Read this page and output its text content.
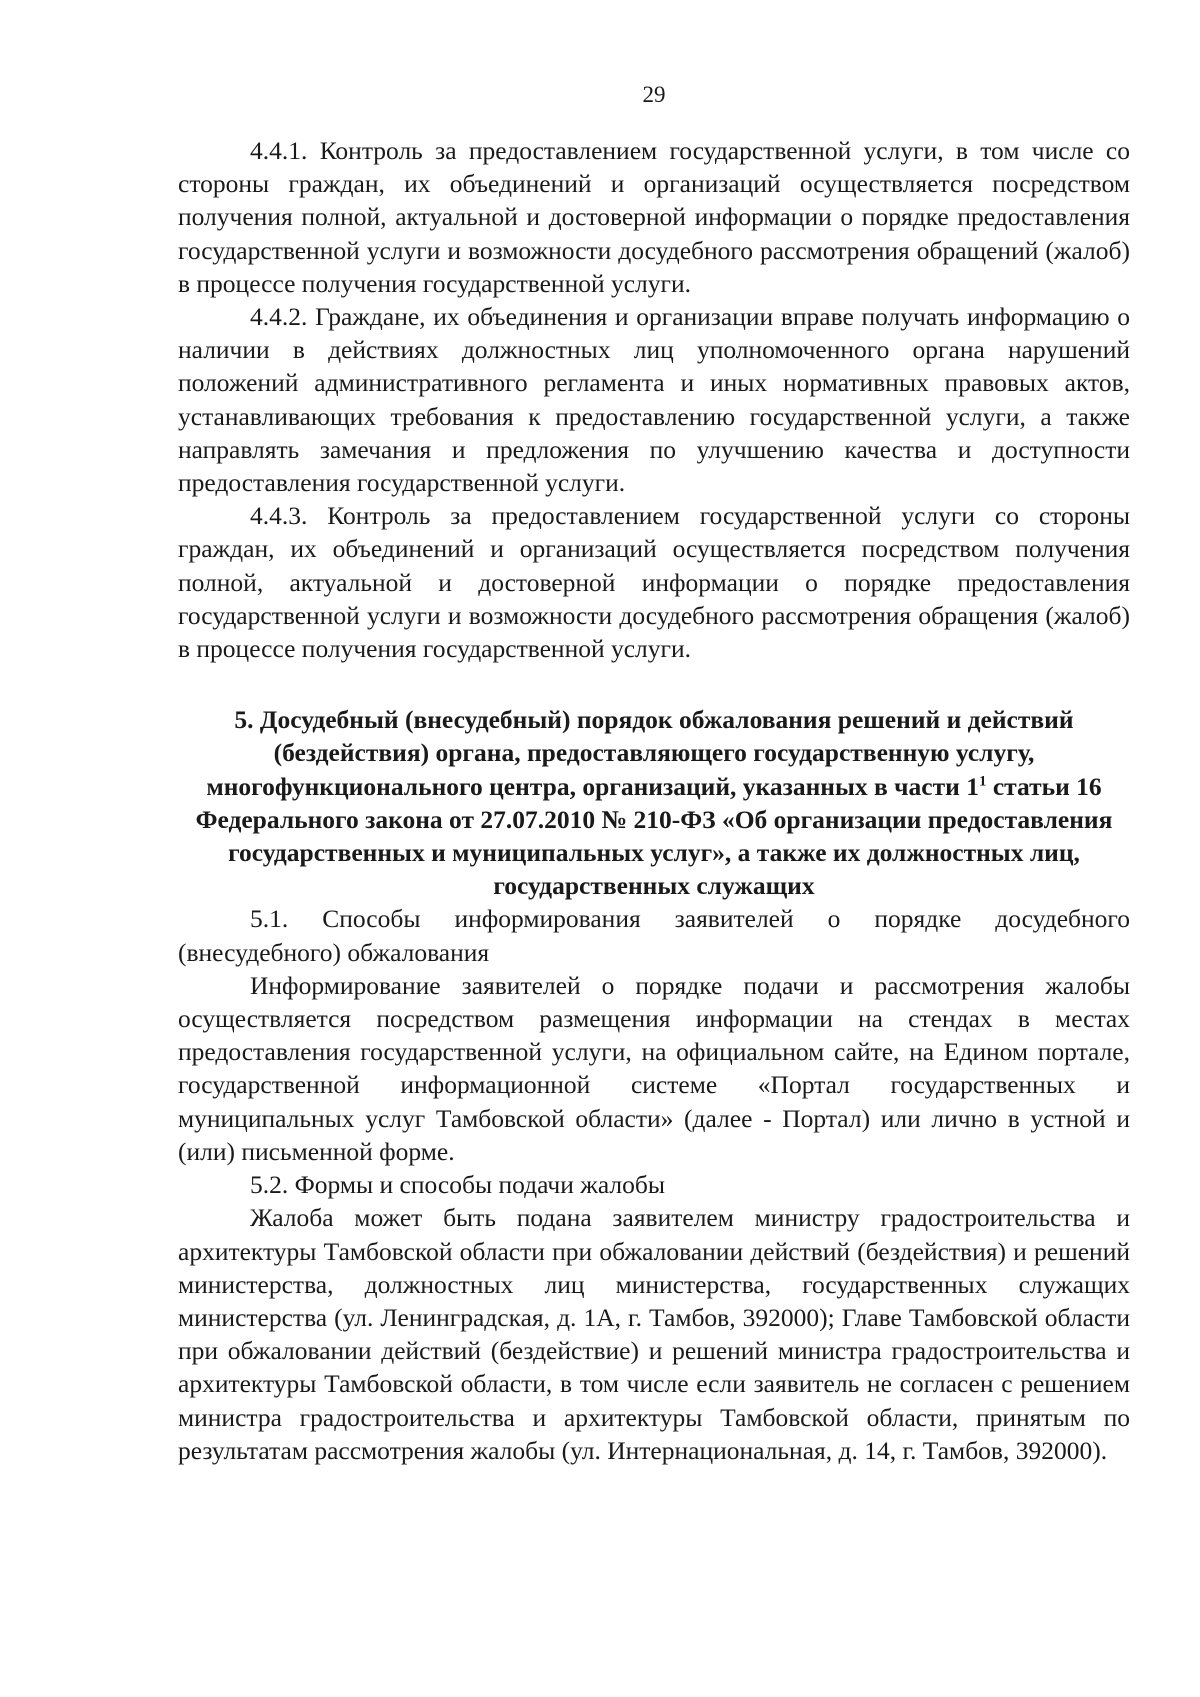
29

4.4.1. Контроль за предоставлением государственной услуги, в том числе со стороны граждан, их объединений и организаций осуществляется посредством получения полной, актуальной и достоверной информации о порядке предоставления государственной услуги и возможности досудебного рассмотрения обращений (жалоб) в процессе получения государственной услуги.

4.4.2. Граждане, их объединения и организации вправе получать информацию о наличии в действиях должностных лиц уполномоченного органа нарушений положений административного регламента и иных нормативных правовых актов, устанавливающих требования к предоставлению государственной услуги, а также направлять замечания и предложения по улучшению качества и доступности предоставления государственной услуги.

4.4.3. Контроль за предоставлением государственной услуги со стороны граждан, их объединений и организаций осуществляется посредством получения полной, актуальной и достоверной информации о порядке предоставления государственной услуги и возможности досудебного рассмотрения обращения (жалоб) в процессе получения государственной услуги.

5. Досудебный (внесудебный) порядок обжалования решений и действий (бездействия) органа, предоставляющего государственную услугу, многофункционального центра, организаций, указанных в части $1^1$ статьи 16 Федерального закона от 27.07.2010 № 210-ФЗ «Об организации предоставления государственных и муниципальных услуг», а также их должностных лиц, государственных служащих

5.1. Способы информирования заявителей о порядке досудебного (внесудебного) обжалования

Информирование заявителей о порядке подачи и рассмотрения жалобы осуществляется посредством размещения информации на стендах в местах предоставления государственной услуги, на официальном сайте, на Едином портале, государственной информационной системе «Портал государственных и муниципальных услуг Тамбовской области» (далее - Портал) или лично в устной и (или) письменной форме.

5.2. Формы и способы подачи жалобы

Жалоба может быть подана заявителем министру градостроительства и архитектуры Тамбовской области при обжаловании действий (бездействия) и решений министерства, должностных лиц министерства, государственных служащих министерства (ул. Ленинградская, д. 1А, г. Тамбов, 392000); Главе Тамбовской области при обжаловании действий (бездействие) и решений министра градостроительства и архитектуры Тамбовской области, в том числе если заявитель не согласен с решением министра градостроительства и архитектуры Тамбовской области, принятым по результатам рассмотрения жалобы (ул. Интернациональная, д. 14, г. Тамбов, 392000).
